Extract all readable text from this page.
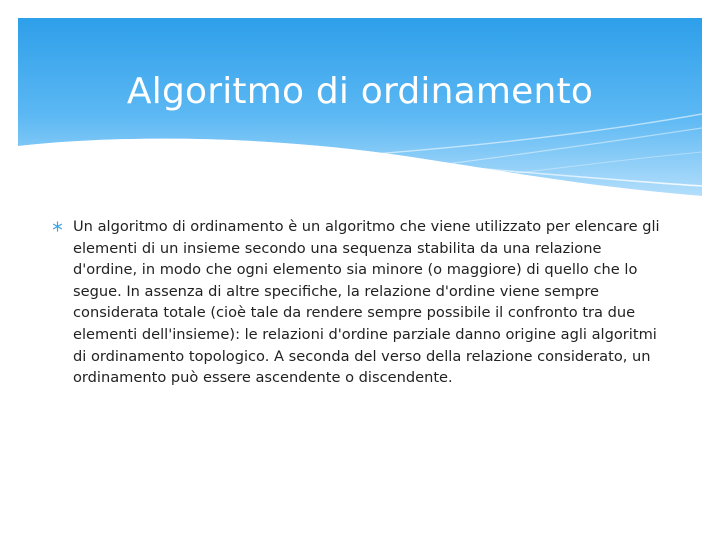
Algoritmo di ordinamento

Un algoritmo di ordinamento è un algoritmo che viene utilizzato per elencare gli elementi di un insieme secondo una sequenza stabilita da una relazione d'ordine, in modo che ogni elemento sia minore (o maggiore) di quello che lo segue. In assenza di altre specifiche, la relazione d'ordine viene sempre considerata totale (cioè tale da rendere sempre possibile il confronto tra due elementi dell'insieme): le relazioni d'ordine parziale danno origine agli algoritmi di ordinamento topologico. A seconda del verso della relazione considerato, un ordinamento può essere ascendente o discendente.
